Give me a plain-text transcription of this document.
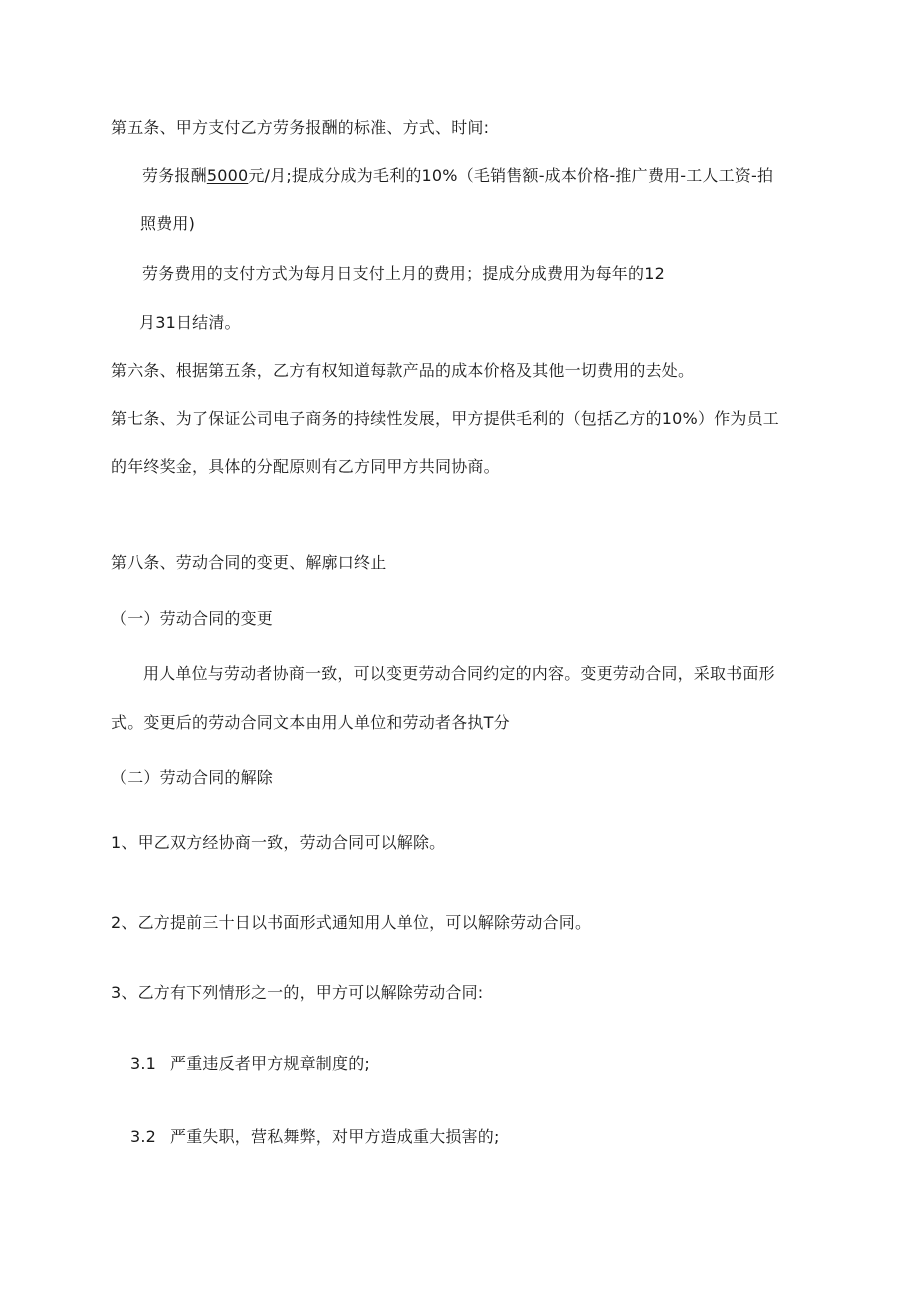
第五条、甲方支付乙方劳务报酬的标准、方式、时间:
劳务报酬5000元/月;提成分成为毛利的10%（毛销售额-成本价格-推广费用-工人工资-拍
照费用)
劳务费用的支付方式为每月日支付上月的费用；提成分成费用为每年的12
月31日结清。
第六条、根据第五条，乙方有权知道每款产品的成本价格及其他一切费用的去处。
第七条、为了保证公司电子商务的持续性发展，甲方提供毛利的（包括乙方的10%）作为员工
的年终奖金，具体的分配原则有乙方同甲方共同协商。
第八条、劳动合同的变更、解廓口终止
（一）劳动合同的变更
用人单位与劳动者协商一致，可以变更劳动合同约定的内容。变更劳动合同，采取书面形
式。变更后的劳动合同文本由用人单位和劳动者各执T分
（二）劳动合同的解除
1、甲乙双方经协商一致，劳动合同可以解除。
2、乙方提前三十日以书面形式通知用人单位，可以解除劳动合同。
3、乙方有下列情形之一的，甲方可以解除劳动合同:
3.1 严重违反者甲方规章制度的;
3.2 严重失职，营私舞弊，对甲方造成重大损害的;
